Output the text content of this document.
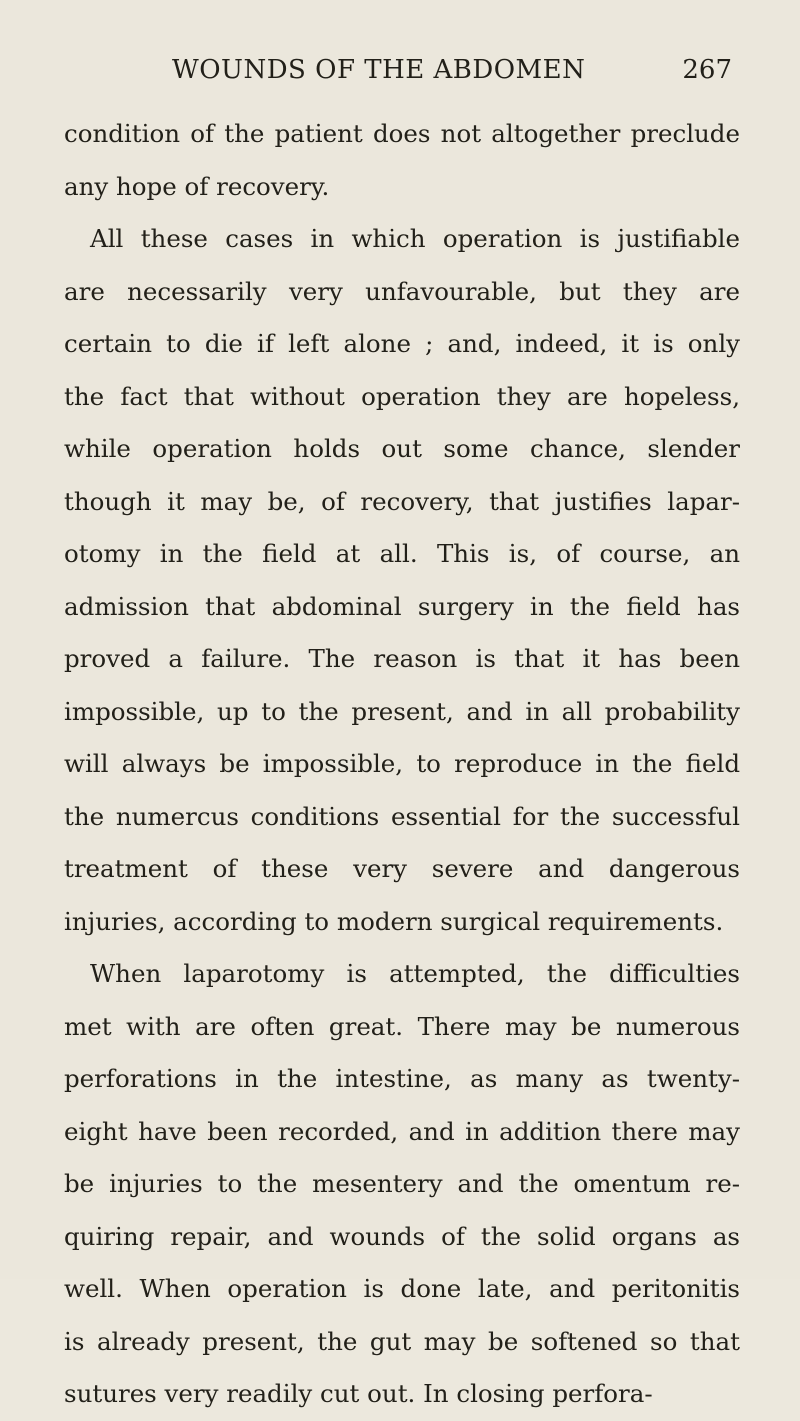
WOUNDS OF THE ABDOMEN	267
condition of the patient does not altogether preclude
any hope of recovery.
All these cases in which operation is justifiable
are necessarily very unfavourable, but they are
certain to die if left alone ; and, indeed, it is only
the fact that without operation they are hopeless,
while operation holds out some chance, slender
though it may be, of recovery, that justifies lapar-
otomy in the field at all. This is, of course, an
admission that abdominal surgery in the field has
proved a failure. The reason is that it has been
impossible, up to the present, and in all probability
will always be impossible, to reproduce in the field
the numercus conditions essential for the successful
treatment of these very severe and dangerous
injuries, according to modern surgical requirements.
When laparotomy is attempted, the difficulties
met with are often great. There may be numerous
perforations in the intestine, as many as twenty-
eight have been recorded, and in addition there may
be injuries to the mesentery and the omentum re-
quiring repair, and wounds of the solid organs as
well. When operation is done late, and peritonitis
is already present, the gut may be softened so that
sutures very readily cut out. In closing perfora-
